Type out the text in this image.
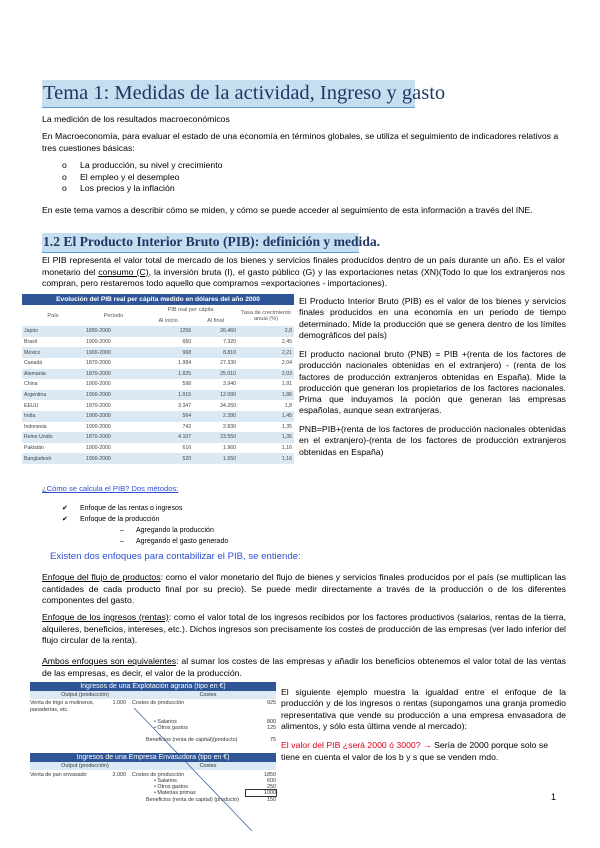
Tema 1: Medidas de la actividad, Ingreso y gasto
La medición de los resultados macroeconómicos
En Macroeconomía, para evaluar el estado de una economía en términos globales, se utiliza el seguimiento de indicadores relativos a tres cuestiones básicas:
o La producción, su nivel y crecimiento
o El empleo y el desempleo
o Los precios y la inflación
En este tema vamos a describir cómo se miden, y cómo se puede acceder al seguimiento de esta información a través del INE.
1.2 El Producto Interior Bruto (PIB): definición y medida.
El PIB representa el valor total de mercado de los bienes y servicios finales producidos dentro de un país durante un año. Es el valor monetario del consumo (C), la inversión bruta (I), el gasto público (G) y las exportaciones netas (XN)(Todo lo que los extranjeros nos compran, pero restaremos todo aquello que compramos =exportaciones - importaciones).
Evolución del PIB real per cápita medido en dólares del año 2000
País	Período	PIB real per cápita		Tasa de crecimiento anual (%)
		Al inicio	Al final	
Japón	1890-2000	1256	26.460	2,8
Brasil	1900-2000	650	7.320	2,45
México	1900-2000	968	8.810	2,21
Canadá	1870-2000	1.984	27.330	2,04
Alemania	1870-2000	1.825	25.010	2,03
China	1900-2000	598	3.940	1,91
Argentina	1900-2000	1.915	12.090	1,86
EEUU	1870-2000	3.347	34.260	1,8
India	1900-2000	564	2.390	1,45
Indonesia	1900-2000	743	2.830	1,35
Reino Unido	1870-2000	4.107	23.550	1,35
Pakistán	1900-2000	616	1.960	1,16
Bangladesh	1900-2000	520	1.650	1,16
El Producto Interior Bruto (PIB) es el valor de los bienes y servicios finales producidos en una economía en un periodo de tiempo determinado. Mide la producción que se genera dentro de los límites demográficos del país)
El producto nacional bruto (PNB) = PIB +(renta de los factores de producción nacionales obtenidas en el extranjero) - (renta de los factores de producción extranjeros obtenidas en España). Mide la producción que generan los propietarios de los factores nacionales. Prima que induyamos la poción que generan las empresas españolas, aunque sean extranjeras.
PNB=PIB+(renta de los factores de producción nacionales obtenidas en el extranjero)-(renta de los factores de producción extranjeros obtenidas en España)
¿Cómo se calcula el PIB? Dos métodos:
✔ Enfoque de las rentas o ingresos
✔ Enfoque de la producción
– Agregando la producción
– Agregando el gasto generado
Existen dos enfoques para contabilizar el PIB, se entiende:
Enfoque del flujo de productos: como el valor monetario del flujo de bienes y servicios finales producidos por el país (se multiplican las cantidades de cada producto final por su precio). Se puede medir directamente a través de la producción o de los diferentes componentes del gasto.
Enfoque de los ingresos (rentas): como el valor total de los ingresos recibidos por los factores productivos (salarios, rentas de la tierra, alquileres, beneficios, intereses, etc.). Dichos ingresos son precisamente los costes de producción de las empresas (ver lado inferior del flujo circular de la renta).
Ambos enfoques son equivalentes: al sumar los costes de las empresas y añadir los beneficios obtenemos el valor total de las ventas de las empresas, es decir, el valor de la producción.
Ingresos de una Explotación agraria (tipo en €)
Output (producción)	Costes
Venta de trigo a molineros, panaderías, etc.
1.000	Costes de producción	925
• Salarios	800
• Otros gastos	125
Beneficios (renta de capital)(producto)	75
Ingresos de una Empresa Envasadora (tipo en €)
Output (producción)	Costes
Venta de pan envasado	2.000	Costes de producción	1850
• Salarios	600
• Otros gastos	250
• Materias primas	1000
Beneficios (renta de capital) (producto)	150
El siguiente ejemplo muestra la igualdad entre el enfoque de la producción y de los ingresos o rentas (supongamos una granja promedio representativa que vende su producción a una empresa envasadora de alimentos, y sólo esta última vende al mercado):
El valor del PIB ¿será 2000 ó 3000? → Sería de 2000 porque solo se tiene en cuenta el valor de los b y s que se venden mdo.
1
